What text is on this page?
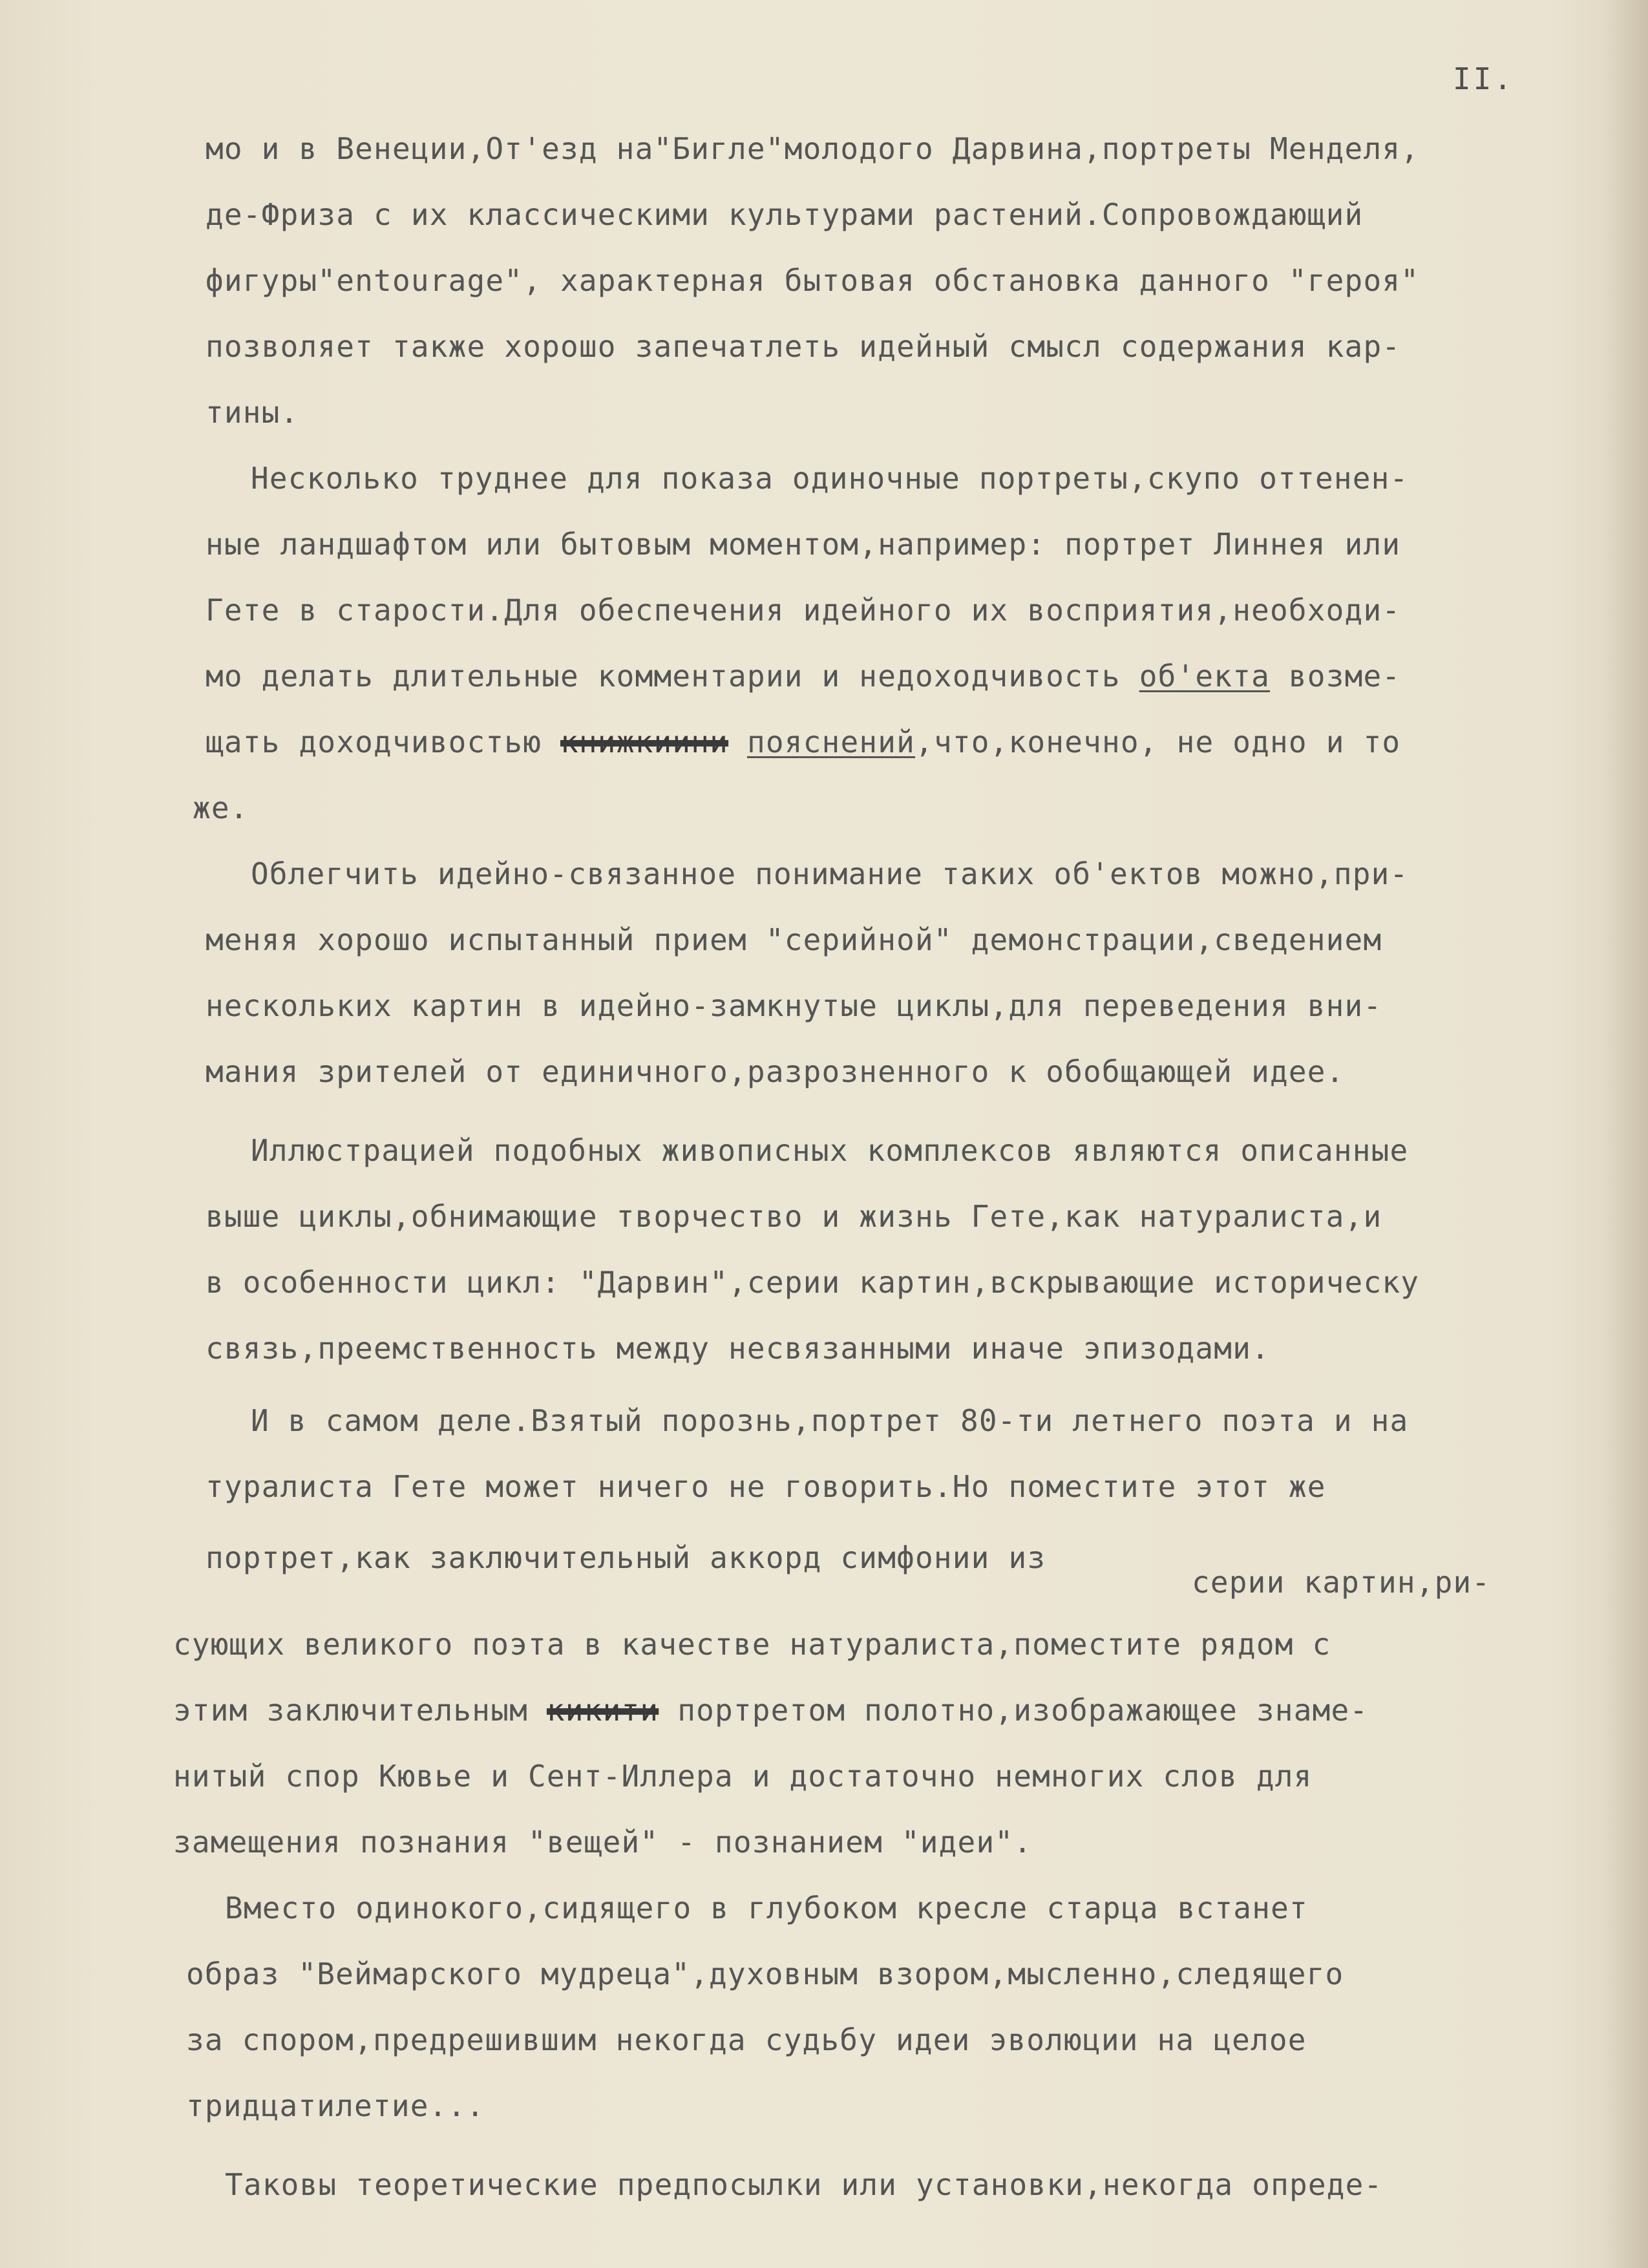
II.
мо и в Венеции,От'езд на"Бигле"молодого Дарвина,портреты Менделя,
де-Фриза с их классическими культурами растений.Сопровождающий
фигуры"entourage", характерная бытовая обстановка данного "героя"
позволяет также хорошо запечатлеть идейный смысл содержания кар-
тины.
Несколько труднее для показа одиночные портреты,скупо оттенен-
ные ландшафтом или бытовым моментом,например: портрет Линнея или
Гете в старости.Для обеспечения идейного их восприятия,необходи-
мо делать длительные комментарии и недоходчивость об'екта возме-
щать доходчивостью книжкиини пояснений,что,конечно, не одно и то
же.
Облегчить идейно-связанное понимание таких об'ектов можно,при-
меняя хорошо испытанный прием "серийной" демонстрации,сведением
нескольких картин в идейно-замкнутые циклы,для переведения вни-
мания зрителей от единичного,разрозненного к обобщающей идее.
Иллюстрацией подобных живописных комплексов являются описанные
выше циклы,обнимающие творчество и жизнь Гете,как натуралиста,и
в особенности цикл: "Дарвин",серии картин,вскрывающие историческу
связь,преемственность между несвязанными иначе эпизодами.
И в самом деле.Взятый порознь,портрет 80-ти летнего поэта и на
туралиста Гете может ничего не говорить.Но поместите этот же
портрет,как заключительный аккорд симфонии из
серии картин,ри-
сующих великого поэта в качестве натуралиста,поместите рядом с
этим заключительным кикити портретом полотно,изображающее знаме-
нитый спор Кювье и Сент-Иллера и достаточно немногих слов для
замещения познания "вещей" - познанием "идеи".
Вместо одинокого,сидящего в глубоком кресле старца встанет
образ "Веймарского мудреца",духовным взором,мысленно,следящего
за спором,предрешившим некогда судьбу идеи эволюции на целое
тридцатилетие...
Таковы теоретические предпосылки или установки,некогда опреде-
